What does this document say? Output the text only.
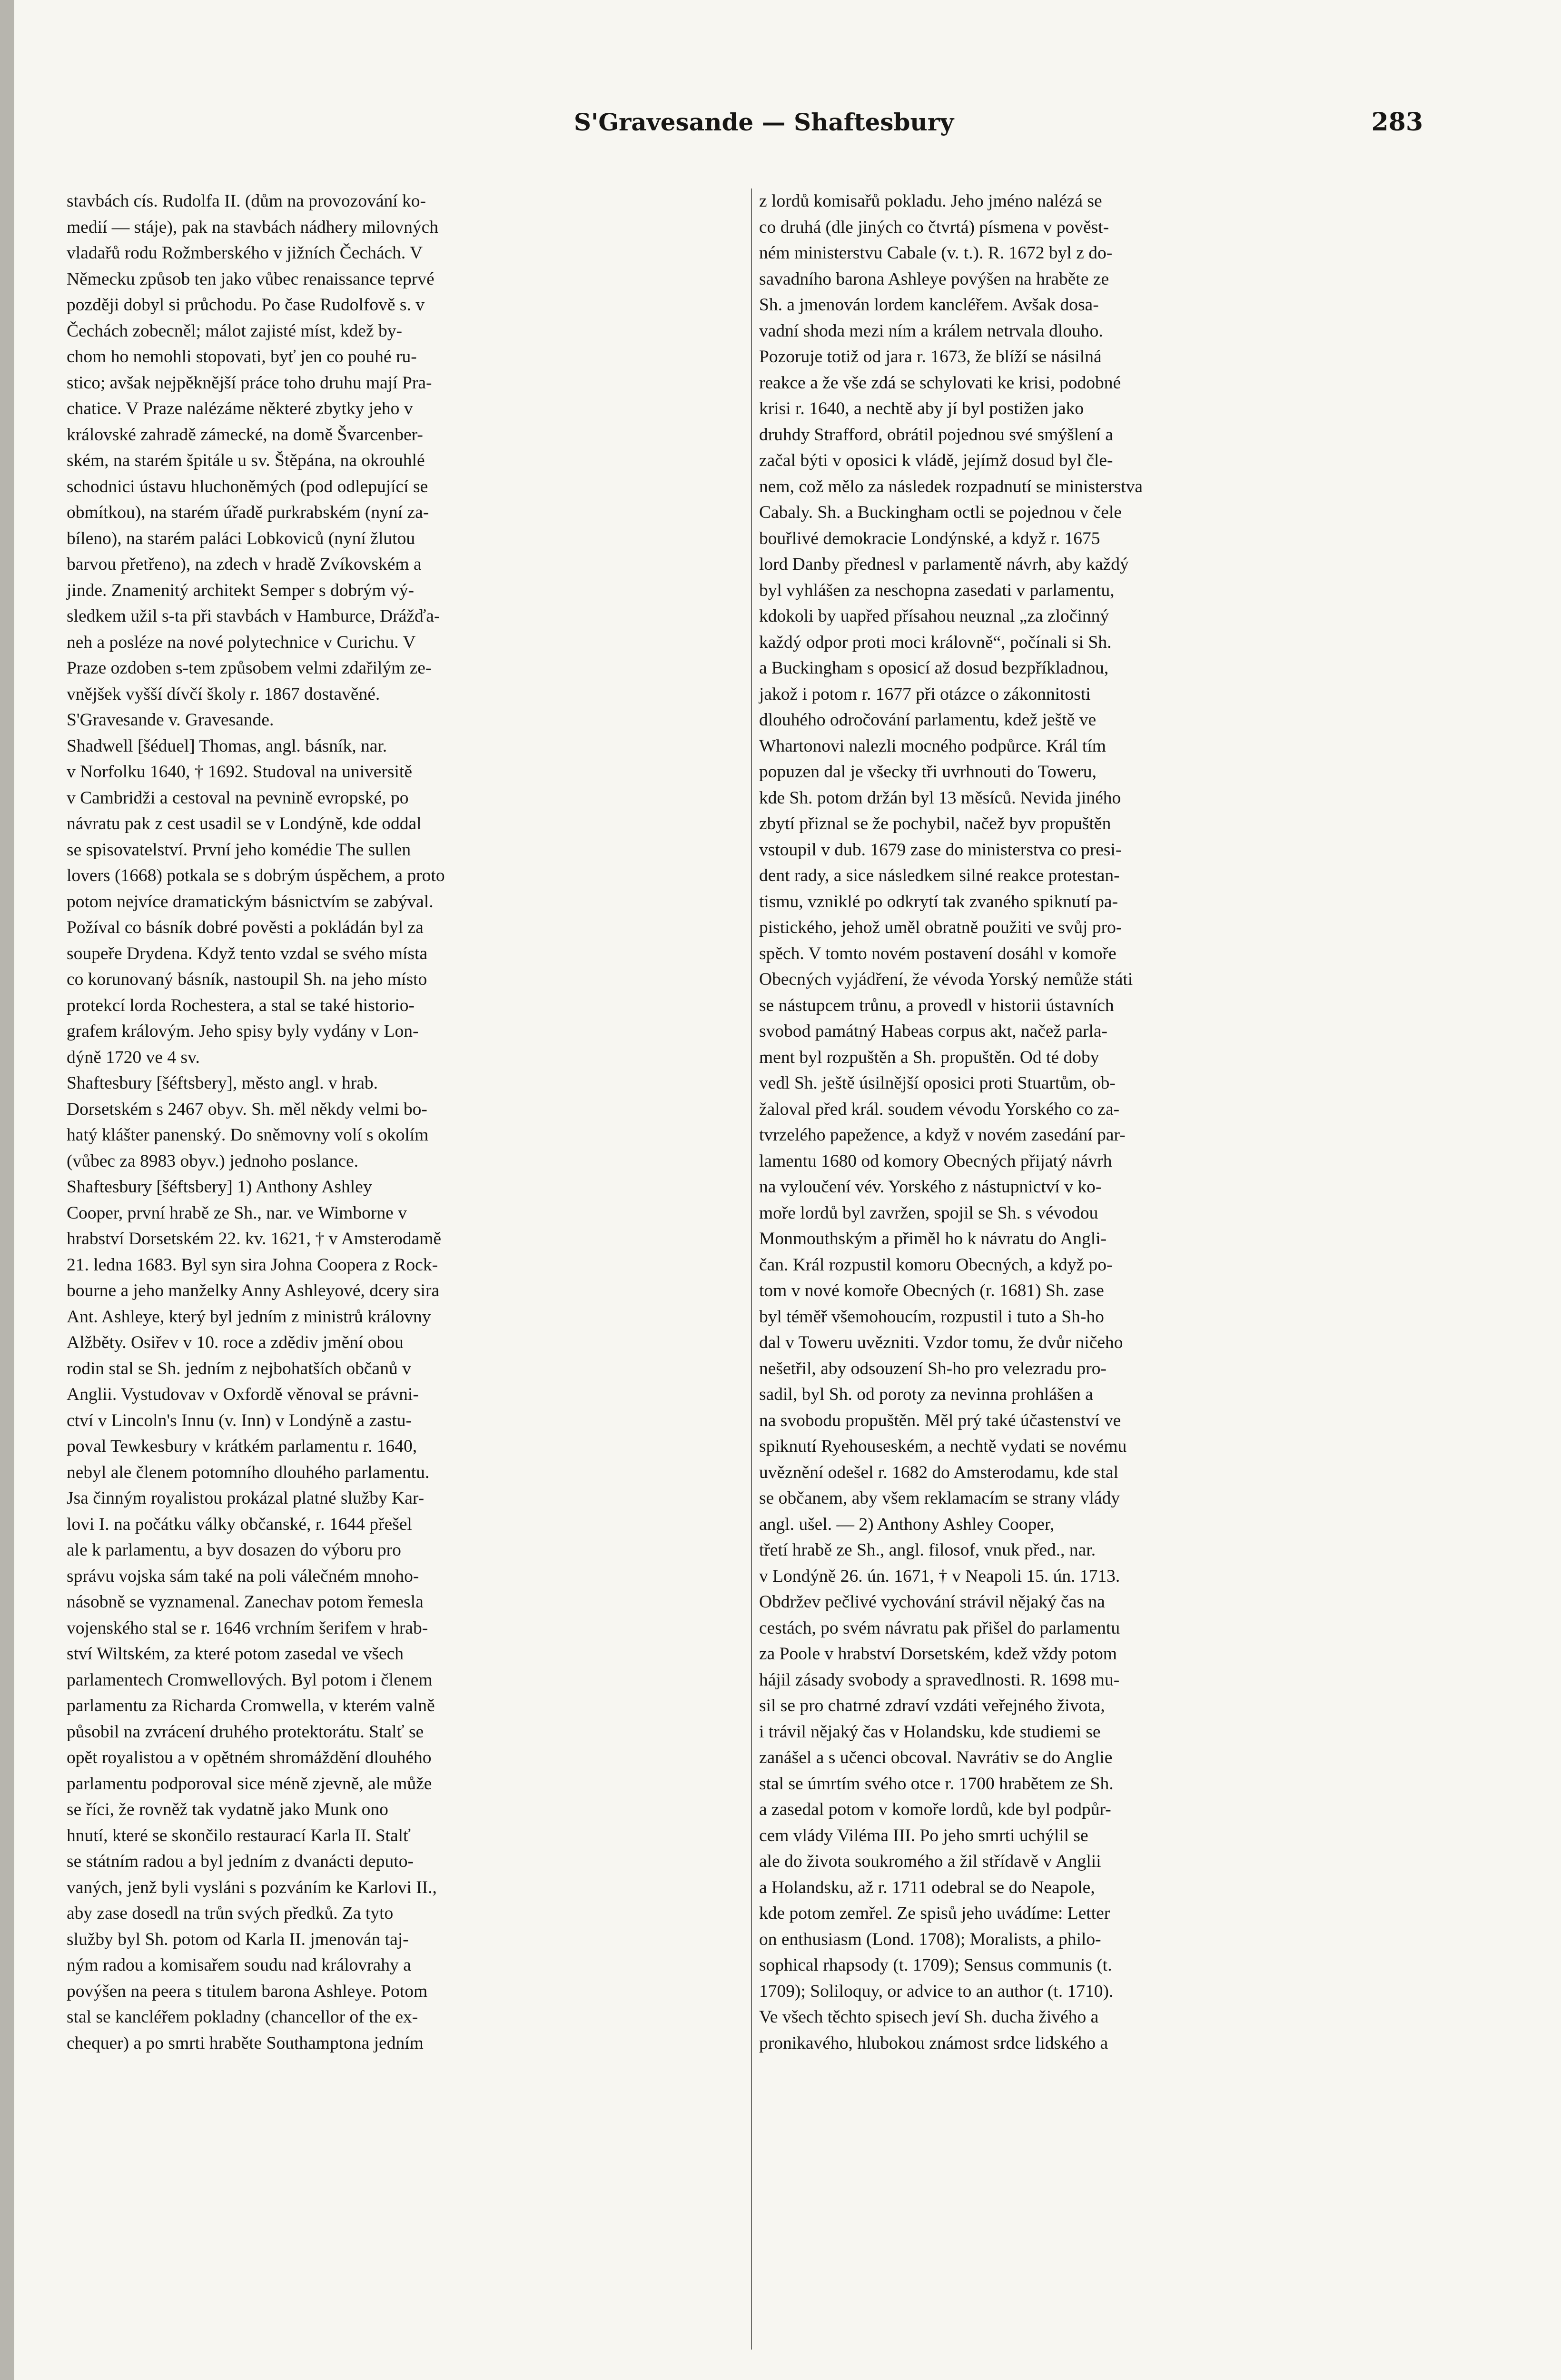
S'Gravesande — Shaftesbury	283
stavbách cís. Rudolfa II. (dům na provozování ko-
medií — stáje), pak na stavbách nádhery milovných
vladařů rodu Rožmberského v jižních Čechách. V
Německu způsob ten jako vůbec renaissance teprvé
později dobyl si průchodu. Po čase Rudolfově s. v
Čechách zobecněl; málot zajisté míst, kdež by-
chom ho nemohli stopovati, byť jen co pouhé ru-
stico; avšak nejpěknější práce toho druhu mají Pra-
chatice. V Praze nalézáme některé zbytky jeho v
královské zahradě zámecké, na domě Švarcenber-
ském, na starém špitále u sv. Štěpána, na okrouhlé
schodnici ústavu hluchoněmých (pod odlepující se
obmítkou), na starém úřadě purkrabském (nyní za-
bíleno), na starém paláci Lobkoviců (nyní žlutou
barvou přetřeno), na zdech v hradě Zvíkovském a
jinde. Znamenitý architekt Semper s dobrým vý-
sledkem užil s-ta při stavbách v Hamburce, Drážďa-
neh a posléze na nové polytechnice v Curichu. V
Praze ozdoben s-tem způsobem velmi zdařilým ze-
vnějšek vyšší dívčí školy r. 1867 dostavěné.
S'Gravesande v. Gravesande.
Shadwell [šéduel] Thomas, angl. básník, nar.
v Norfolku 1640, † 1692. Studoval na universitě
v Cambridži a cestoval na pevnině evropské, po
návratu pak z cest usadil se v Londýně, kde oddal
se spisovatelství. První jeho komédie The sullen
lovers (1668) potkala se s dobrým úspěchem, a proto
potom nejvíce dramatickým básnictvím se zabýval.
Požíval co básník dobré pověsti a pokládán byl za
soupeře Drydena. Když tento vzdal se svého místa
co korunovaný básník, nastoupil Sh. na jeho místo
protekcí lorda Rochestera, a stal se také historio-
grafem královým. Jeho spisy byly vydány v Lon-
dýně 1720 ve 4 sv.
Shaftesbury [šéftsbery], město angl. v hrab.
Dorsetském s 2467 obyv. Sh. měl někdy velmi bo-
hatý klášter panenský. Do sněmovny volí s okolím
(vůbec za 8983 obyv.) jednoho poslance.
Shaftesbury [šéftsbery] 1) Anthony Ashley
Cooper, první hrabě ze Sh., nar. ve Wimborne v
hrabství Dorsetském 22. kv. 1621, † v Amsterodamě
21. ledna 1683. Byl syn sira Johna Coopera z Rock-
bourne a jeho manželky Anny Ashleyové, dcery sira
Ant. Ashleye, který byl jedním z ministrů královny
Alžběty. Osiřev v 10. roce a zdědiv jmění obou
rodin stal se Sh. jedním z nejbohatších občanů v
Anglii. Vystudovav v Oxfordě věnoval se právni-
ctví v Lincoln's Innu (v. Inn) v Londýně a zastu-
poval Tewkesbury v krátkém parlamentu r. 1640,
nebyl ale členem potomního dlouhého parlamentu.
Jsa činným royalistou prokázal platné služby Kar-
lovi I. na počátku války občanské, r. 1644 přešel
ale k parlamentu, a byv dosazen do výboru pro
správu vojska sám také na poli válečném mnoho-
násobně se vyznamenal. Zanechav potom řemesla
vojenského stal se r. 1646 vrchním šerifem v hrab-
ství Wiltském, za které potom zasedal ve všech
parlamentech Cromwellových. Byl potom i členem
parlamentu za Richarda Cromwella, v kterém valně
působil na zvrácení druhého protektorátu. Stalť se
opět royalistou a v opětném shromáždění dlouhého
parlamentu podporoval sice méně zjevně, ale může
se říci, že rovněž tak vydatně jako Munk ono
hnutí, které se skončilo restaurací Karla II. Stalť
se státním radou a byl jedním z dvanácti deputo-
vaných, jenž byli vysláni s pozváním ke Karlovi II.,
aby zase dosedl na trůn svých předků. Za tyto
služby byl Sh. potom od Karla II. jmenován taj-
ným radou a komisařem soudu nad královrahy a
povýšen na peera s titulem barona Ashleye. Potom
stal se kancléřem pokladny (chancellor of the ex-
chequer) a po smrti hraběte Southamptona jedním
z lordů komisařů pokladu. Jeho jméno nalézá se
co druhá (dle jiných co čtvrtá) písmena v pověst-
ném ministerstvu Cabale (v. t.). R. 1672 byl z do-
savadního barona Ashleye povýšen na hraběte ze
Sh. a jmenován lordem kancléřem. Avšak dosa-
vadní shoda mezi ním a králem netrvala dlouho.
Pozoruje totiž od jara r. 1673, že blíží se násilná
reakce a že vše zdá se schylovati ke krisi, podobné
krisi r. 1640, a nechtě aby jí byl postižen jako
druhdy Strafford, obrátil pojednou své smýšlení a
začal býti v oposici k vládě, jejímž dosud byl čle-
nem, což mělo za následek rozpadnutí se ministerstva
Cabaly. Sh. a Buckingham octli se pojednou v čele
bouřlivé demokracie Londýnské, a když r. 1675
lord Danby přednesl v parlamentě návrh, aby každý
byl vyhlášen za neschopna zasedati v parlamentu,
kdokoli by uapřed přísahou neuznal „za zločinný
každý odpor proti moci královně“, počínali si Sh.
a Buckingham s oposicí až dosud bezpříkladnou,
jakož i potom r. 1677 při otázce o zákonnitosti
dlouhého odročování parlamentu, kdež ještě ve
Whartonovi nalezli mocného podpůrce. Král tím
popuzen dal je všecky tři uvrhnouti do Toweru,
kde Sh. potom držán byl 13 měsíců. Nevida jiného
zbytí přiznal se že pochybil, načež byv propuštěn
vstoupil v dub. 1679 zase do ministerstva co presi-
dent rady, a sice následkem silné reakce protestan-
tismu, vzniklé po odkrytí tak zvaného spiknutí pa-
pistického, jehož uměl obratně použiti ve svůj pro-
spěch. V tomto novém postavení dosáhl v komoře
Obecných vyjádření, že vévoda Yorský nemůže státi
se nástupcem trůnu, a provedl v historii ústavních
svobod památný Habeas corpus akt, načež parla-
ment byl rozpuštěn a Sh. propuštěn. Od té doby
vedl Sh. ještě úsilnější oposici proti Stuartům, ob-
žaloval před král. soudem vévodu Yorského co za-
tvrzelého papežence, a když v novém zasedání par-
lamentu 1680 od komory Obecných přijatý návrh
na vyloučení vév. Yorského z nástupnictví v ko-
moře lordů byl zavržen, spojil se Sh. s vévodou
Monmouthským a přiměl ho k návratu do Angli-
čan. Král rozpustil komoru Obecných, a když po-
tom v nové komoře Obecných (r. 1681) Sh. zase
byl téměř všemohoucím, rozpustil i tuto a Sh-ho
dal v Toweru uvězniti. Vzdor tomu, že dvůr ničeho
nešetřil, aby odsouzení Sh-ho pro velezradu pro-
sadil, byl Sh. od poroty za nevinna prohlášen a
na svobodu propuštěn. Měl prý také účastenství ve
spiknutí Ryehouseském, a nechtě vydati se novému
uvěznění odešel r. 1682 do Amsterodamu, kde stal
se občanem, aby všem reklamacím se strany vlády
angl. ušel. — 2) Anthony Ashley Cooper,
třetí hrabě ze Sh., angl. filosof, vnuk před., nar.
v Londýně 26. ún. 1671, † v Neapoli 15. ún. 1713.
Obdržev pečlivé vychování strávil nějaký čas na
cestách, po svém návratu pak přišel do parlamentu
za Poole v hrabství Dorsetském, kdež vždy potom
hájil zásady svobody a spravedlnosti. R. 1698 mu-
sil se pro chatrné zdraví vzdáti veřejného života,
i trávil nějaký čas v Holandsku, kde studiemi se
zanášel a s učenci obcoval. Navrátiv se do Anglie
stal se úmrtím svého otce r. 1700 hrabětem ze Sh.
a zasedal potom v komoře lordů, kde byl podpůr-
cem vlády Viléma III. Po jeho smrti uchýlil se
ale do života soukromého a žil střídavě v Anglii
a Holandsku, až r. 1711 odebral se do Neapole,
kde potom zemřel. Ze spisů jeho uvádíme: Letter
on enthusiasm (Lond. 1708); Moralists, a philo-
sophical rhapsody (t. 1709); Sensus communis (t.
1709); Soliloquy, or advice to an author (t. 1710).
Ve všech těchto spisech jeví Sh. ducha živého a
pronikavého, hlubokou známost srdce lidského a
